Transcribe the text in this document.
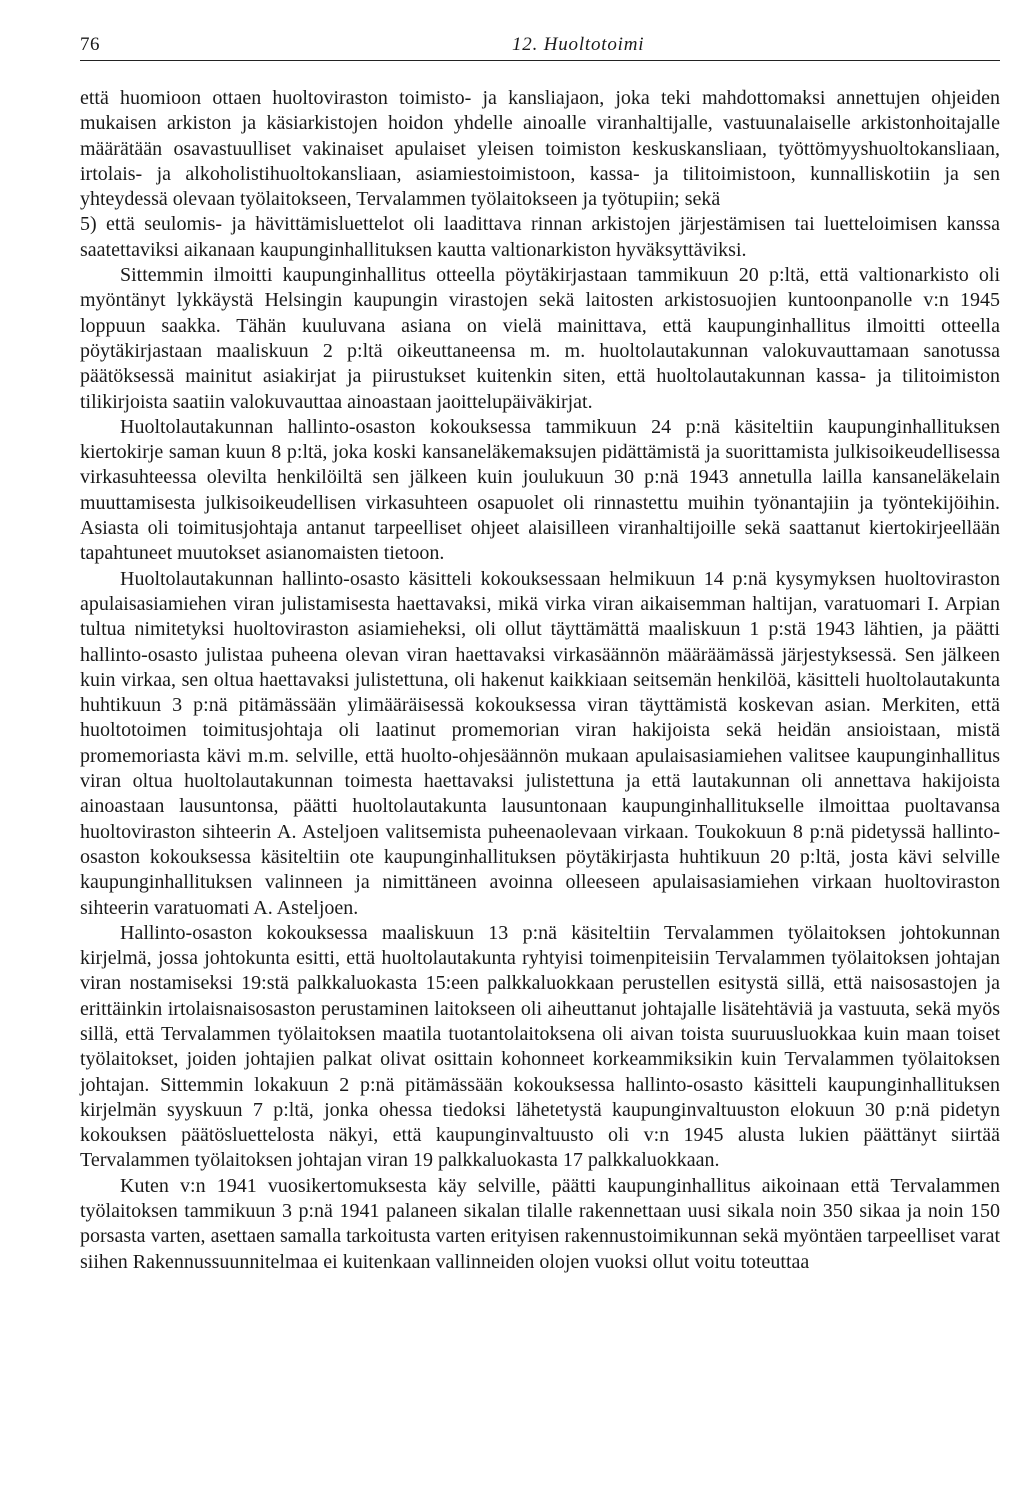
76	12. Huoltotoimi

että huomioon ottaen huoltoviraston toimisto- ja kansliajaon, joka teki mahdottomaksi annettujen ohjeiden mukaisen arkiston ja käsiarkistojen hoidon yhdelle ainoalle viranhaltijalle, vastuunalaiselle arkistonhoitajalle määrätään osavastuulliset vakinaiset apulaiset yleisen toimiston keskuskansliaan, työttömyyshuoltokansliaan, irtolais- ja alkoholistihuoltokansliaan, asiamiestoimistoon, kassa- ja tilitoimistoon, kunnalliskotiin ja sen yhteydessä olevaan työlaitokseen, Tervalammen työlaitokseen ja työtupiin; sekä

5) että seulomis- ja hävittämisluettelot oli laadittava rinnan arkistojen järjestämisen tai luetteloimisen kanssa saatettaviksi aikanaan kaupunginhallituksen kautta valtionarkiston hyväksyttäviksi.

Sittemmin ilmoitti kaupunginhallitus otteella pöytäkirjastaan tammikuun 20 p:ltä, että valtionarkisto oli myöntänyt lykkäystä Helsingin kaupungin virastojen sekä laitosten arkistosuojien kuntoonpanolle v:n 1945 loppuun saakka. Tähän kuuluvana asiana on vielä mainittava, että kaupunginhallitus ilmoitti otteella pöytäkirjastaan maaliskuun 2 p:ltä oikeuttaneensa m. m. huoltolautakunnan valokuvauttamaan sanotussa päätöksessä mainitut asiakirjat ja piirustukset kuitenkin siten, että huoltolautakunnan kassa- ja tilitoimiston tilikirjoista saatiin valokuvauttaa ainoastaan jaoittelupäiväkirjat.

Huoltolautakunnan hallinto-osaston kokouksessa tammikuun 24 p:nä käsiteltiin kaupunginhallituksen kiertokirje saman kuun 8 p:ltä, joka koski kansaneläkemaksujen pidättämistä ja suorittamista julkisoikeudellisessa virkasuhteessa olevilta henkilöiltä sen jälkeen kuin joulukuun 30 p:nä 1943 annetulla lailla kansaneläkelain muuttamisesta julkisoikeudellisen virkasuhteen osapuolet oli rinnastettu muihin työnantajiin ja työntekijöihin. Asiasta oli toimitusjohtaja antanut tarpeelliset ohjeet alaisilleen viranhaltijoille sekä saattanut kiertokirjeellään tapahtuneet muutokset asianomaisten tietoon.

Huoltolautakunnan hallinto-osasto käsitteli kokouksessaan helmikuun 14 p:nä kysymyksen huoltoviraston apulaisasiamiehen viran julistamisesta haettavaksi, mikä virka viran aikaisemman haltijan, varatuomari I. Arpian tultua nimitetyksi huoltoviraston asiamieheksi, oli ollut täyttämättä maaliskuun 1 p:stä 1943 lähtien, ja päätti hallinto-osasto julistaa puheena olevan viran haettavaksi virkasäännön määräämässä järjestyksessä. Sen jälkeen kuin virkaa, sen oltua haettavaksi julistettuna, oli hakenut kaikkiaan seitsemän henkilöä, käsitteli huoltolautakunta huhtikuun 3 p:nä pitämässään ylimääräisessä kokouksessa viran täyttämistä koskevan asian. Merkiten, että huoltotoimen toimitusjohtaja oli laatinut promemorian viran hakijoista sekä heidän ansioistaan, mistä promemoriasta kävi m.m. selville, että huolto-ohjesäännön mukaan apulaisasiamiehen valitsee kaupunginhallitus viran oltua huoltolautakunnan toimesta haettavaksi julistettuna ja että lautakunnan oli annettava hakijoista ainoastaan lausuntonsa, päätti huoltolautakunta lausuntonaan kaupunginhallitukselle ilmoittaa puoltavansa huoltoviraston sihteerin A. Asteljoen valitsemista puheenaolevaan virkaan. Toukokuun 8 p:nä pidetyssä hallinto-osaston kokouksessa käsiteltiin ote kaupunginhallituksen pöytäkirjasta huhtikuun 20 p:ltä, josta kävi selville kaupunginhallituksen valinneen ja nimittäneen avoinna olleeseen apulaisasiamiehen virkaan huoltoviraston sihteerin varatuomati A. Asteljoen.

Hallinto-osaston kokouksessa maaliskuun 13 p:nä käsiteltiin Tervalammen työlaitoksen johtokunnan kirjelmä, jossa johtokunta esitti, että huoltolautakunta ryhtyisi toimenpiteisiin Tervalammen työlaitoksen johtajan viran nostamiseksi 19:stä palkkaluokasta 15:een palkkaluokkaan perustellen esitystä sillä, että naisosastojen ja erittäinkin irtolaisnaisosaston perustaminen laitokseen oli aiheuttanut johtajalle lisätehtäviä ja vastuuta, sekä myös sillä, että Tervalammen työlaitoksen maatila tuotantolaitoksena oli aivan toista suuruusluokkaa kuin maan toiset työlaitokset, joiden johtajien palkat olivat osittain kohonneet korkeammiksikin kuin Tervalammen työlaitoksen johtajan. Sittemmin lokakuun 2 p:nä pitämässään kokouksessa hallinto-osasto käsitteli kaupunginhallituksen kirjelmän syyskuun 7 p:ltä, jonka ohessa tiedoksi lähetetystä kaupunginvaltuuston elokuun 30 p:nä pidetyn kokouksen päätösluettelosta näkyi, että kaupunginvaltuusto oli v:n 1945 alusta lukien päättänyt siirtää Tervalammen työlaitoksen johtajan viran 19 palkkaluokasta 17 palkkaluokkaan.

Kuten v:n 1941 vuosikertomuksesta käy selville, päätti kaupunginhallitus aikoinaan että Tervalammen työlaitoksen tammikuun 3 p:nä 1941 palaneen sikalan tilalle rakennettaan uusi sikala noin 350 sikaa ja noin 150 porsasta varten, asettaen samalla tarkoitusta varten erityisen rakennustoimikunnan sekä myöntäen tarpeelliset varat siihen Rakennussuunnitelmaa ei kuitenkaan vallinneiden olojen vuoksi ollut voitu toteuttaa
